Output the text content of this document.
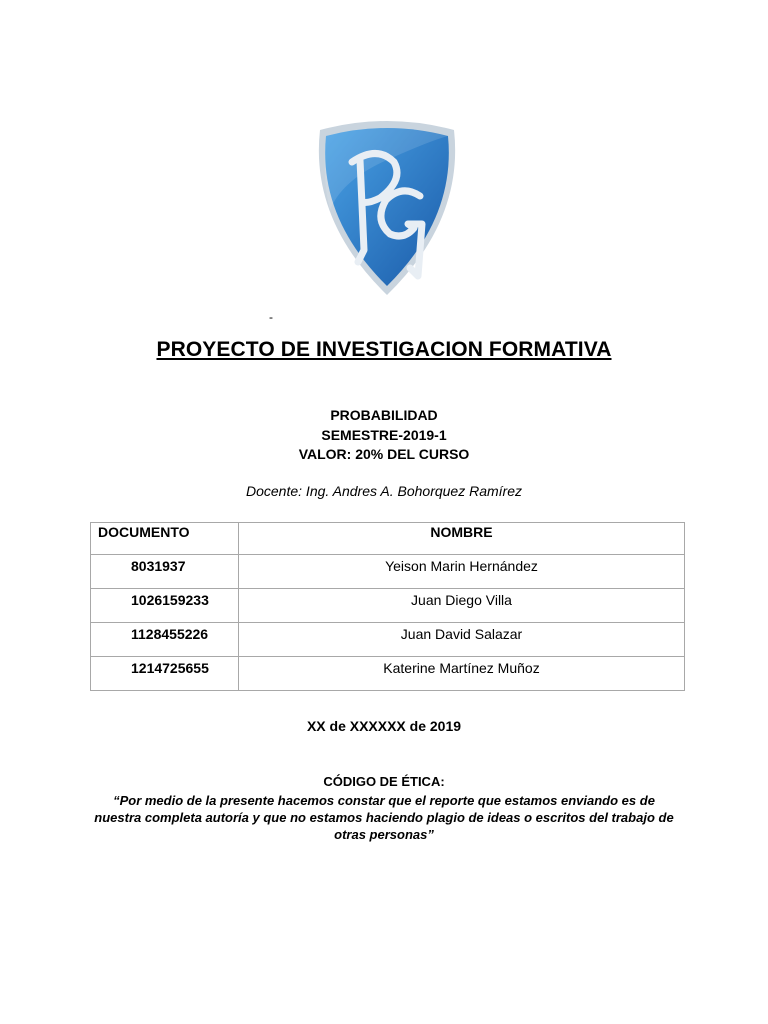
-
PROYECTO DE INVESTIGACION FORMATIVA
PROBABILIDAD
SEMESTRE-2019-1
VALOR: 20% DEL CURSO
Docente: Ing. Andres A. Bohorquez Ramírez
DOCUMENTO	NOMBRE
8031937	Yeison Marin Hernández
1026159233	Juan Diego Villa
1128455226	Juan David Salazar
1214725655	Katerine Martínez Muñoz
XX de XXXXXX de 2019
CÓDIGO DE ÉTICA:
“Por medio de la presente hacemos constar que el reporte que estamos enviando es de nuestra completa autoría y que no estamos haciendo plagio de ideas o escritos del trabajo de otras personas”
